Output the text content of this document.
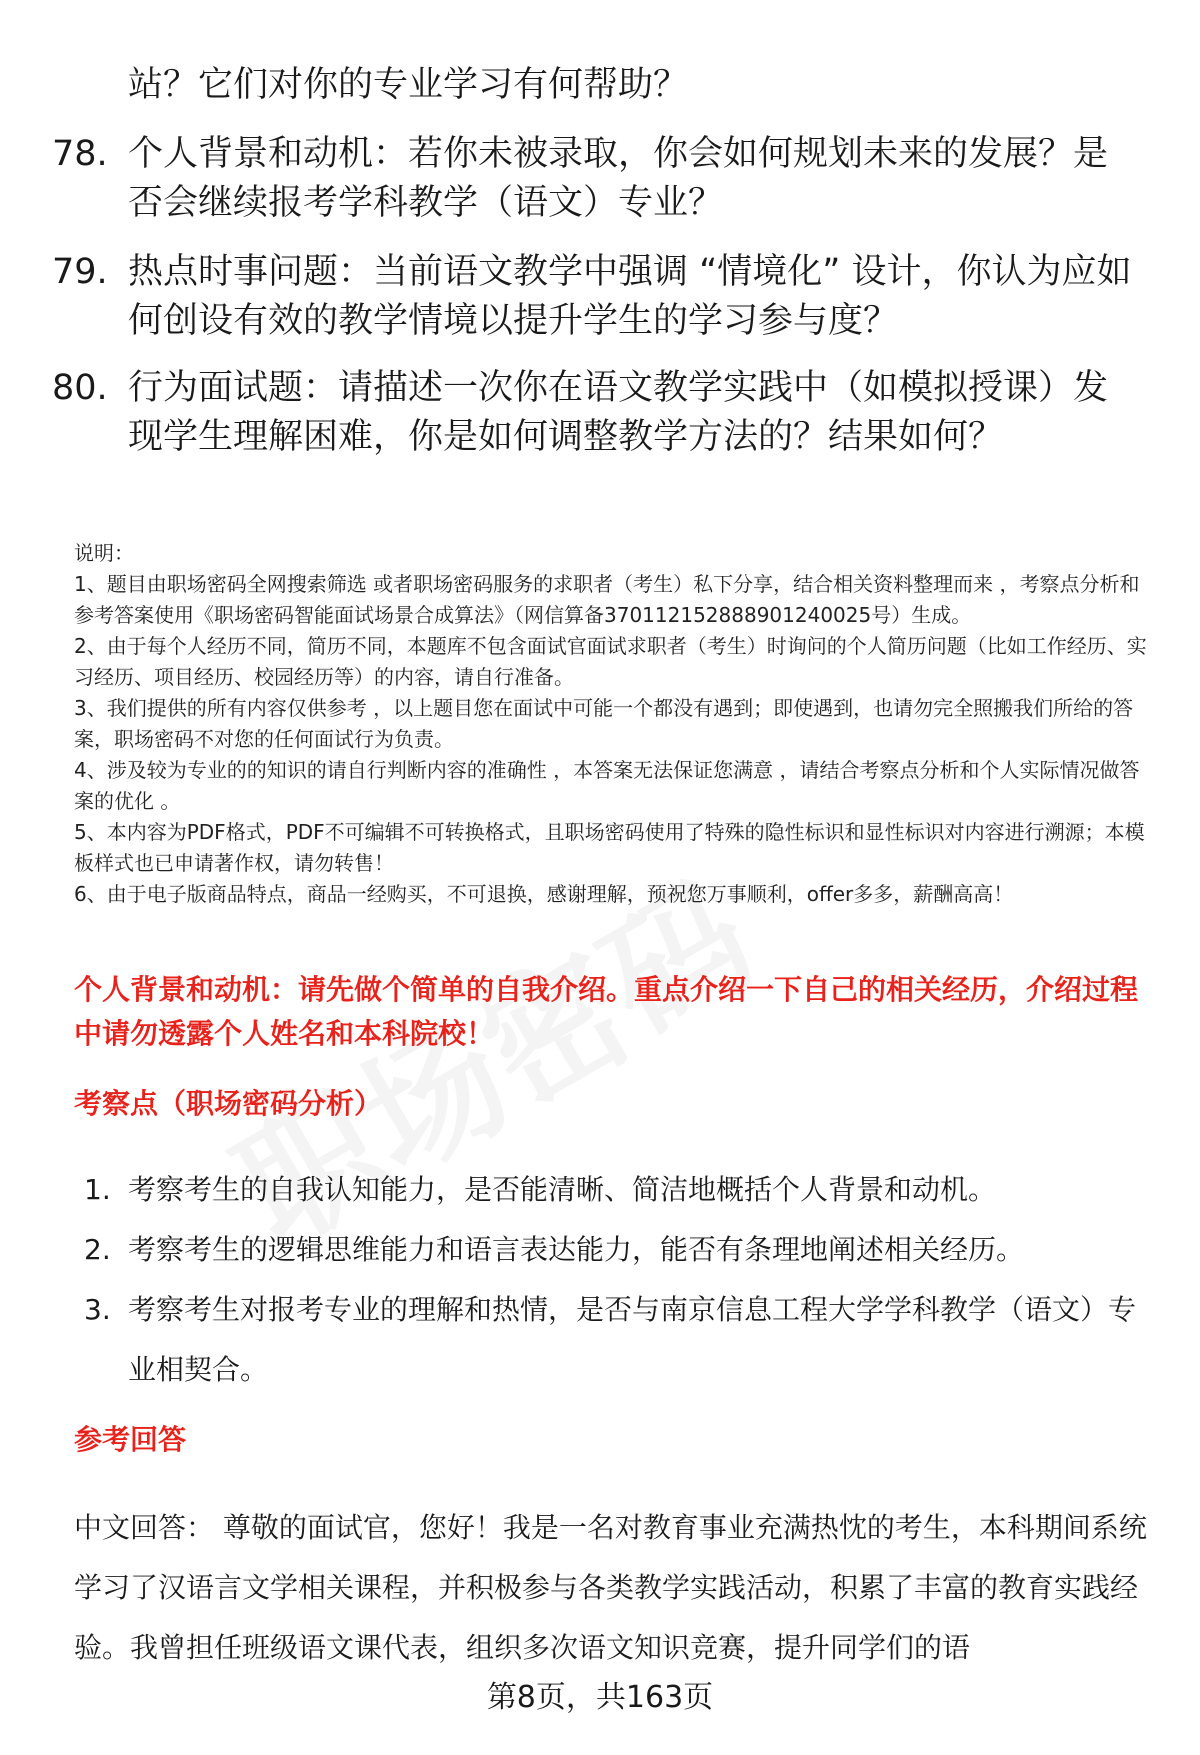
站？它们对你的专业学习有何帮助？
78. 个人背景和动机：若你未被录取，你会如何规划未来的发展？是否会继续报考学科教学（语文）专业？
79. 热点时事问题：当前语文教学中强调 “情境化” 设计，你认为应如何创设有效的教学情境以提升学生的学习参与度？
80. 行为面试题：请描述一次你在语文教学实践中（如模拟授课）发现学生理解困难，你是如何调整教学方法的？结果如何？

说明：

1、题目由职场密码全网搜索筛选 或者职场密码服务的求职者（考生）私下分享，结合相关资料整理而来 ，考察点分析和参考答案使用《职场密码智能面试场景合成算法》（网信算备370112152888901240025号）生成。

2、由于每个人经历不同，简历不同，本题库不包含面试官面试求职者（考生）时询问的个人简历问题（比如工作经历、实习经历、项目经历、校园经历等）的内容，请自行准备。

3、我们提供的所有内容仅供参考 ，以上题目您在面试中可能一个都没有遇到；即使遇到，也请勿完全照搬我们所给的答案，职场密码不对您的任何面试行为负责。

4、涉及较为专业的的知识的请自行判断内容的准确性 ，本答案无法保证您满意 ，请结合考察点分析和个人实际情况做答案的优化 。

5、本内容为PDF格式，PDF不可编辑不可转换格式，且职场密码使用了特殊的隐性标识和显性标识对内容进行溯源；本模板样式也已申请著作权，请勿转售！

6、由于电子版商品特点，商品一经购买，不可退换，感谢理解，预祝您万事顺利，offer多多，薪酬高高！

个人背景和动机：请先做个简单的自我介绍。重点介绍一下自己的相关经历，介绍过程中请勿透露个人姓名和本科院校！
考察点（职场密码分析）
1. 考察考生的自我认知能力，是否能清晰、简洁地概括个人背景和动机。
2. 考察考生的逻辑思维能力和语言表达能力，能否有条理地阐述相关经历。
3. 考察考生对报考专业的理解和热情，是否与南京信息工程大学学科教学（语文）专业相契合。
参考回答
中文回答： 尊敬的面试官，您好！我是一名对教育事业充满热忱的考生，本科期间系统学习了汉语言文学相关课程，并积极参与各类教学实践活动，积累了丰富的教育实践经验。我曾担任班级语文课代表，组织多次语文知识竞赛，提升同学们的语
第8页，共163页
